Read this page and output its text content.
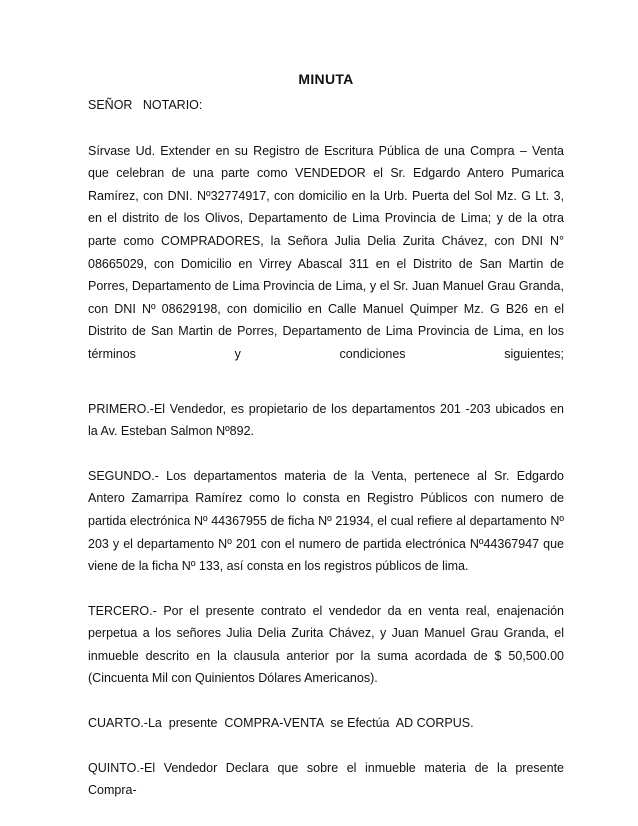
MINUTA

SEÑOR   NOTARIO:

Sírvase Ud. Extender en su Registro de Escritura Pública de una Compra – Venta que celebran de una parte como VENDEDOR el Sr. Edgardo Antero Pumarica Ramírez, con DNI. Nº32774917, con domicilio en la Urb. Puerta del Sol Mz. G Lt. 3, en el distrito de los Olivos, Departamento de Lima Provincia de Lima; y de la otra parte como COMPRADORES, la Señora Julia Delia Zurita Chávez, con DNI N° 08665029, con Domicilio en Virrey Abascal 311 en el Distrito de San Martin de Porres, Departamento de Lima Provincia de Lima, y el Sr. Juan Manuel Grau Granda, con DNI Nº 08629198, con domicilio en Calle Manuel Quimper Mz. G B26 en el Distrito de San Martin de Porres, Departamento de Lima Provincia de Lima, en los términos y condiciones siguientes;

PRIMERO.-El Vendedor, es propietario de los departamentos 201 -203 ubicados en la Av. Esteban Salmon Nº892.

SEGUNDO.- Los departamentos materia de la Venta, pertenece al Sr. Edgardo Antero Zamarripa Ramírez como lo consta en Registro Públicos con numero de partida electrónica Nº 44367955 de ficha Nº 21934, el cual refiere al departamento Nº 203 y el departamento Nº 201 con el numero de partida electrónica Nº44367947 que viene de la ficha Nº 133, así consta en los registros públicos de lima.

TERCERO.- Por el presente contrato el vendedor da en venta real, enajenación perpetua a los señores Julia Delia Zurita Chávez, y Juan Manuel Grau Granda, el inmueble descrito en la clausula anterior por la suma acordada de $ 50,500.00 (Cincuenta Mil con Quinientos Dólares Americanos).

CUARTO.-La  presente  COMPRA-VENTA  se Efectúa  AD CORPUS.

QUINTO.-El Vendedor Declara que sobre el inmueble materia de la presente Compra-
